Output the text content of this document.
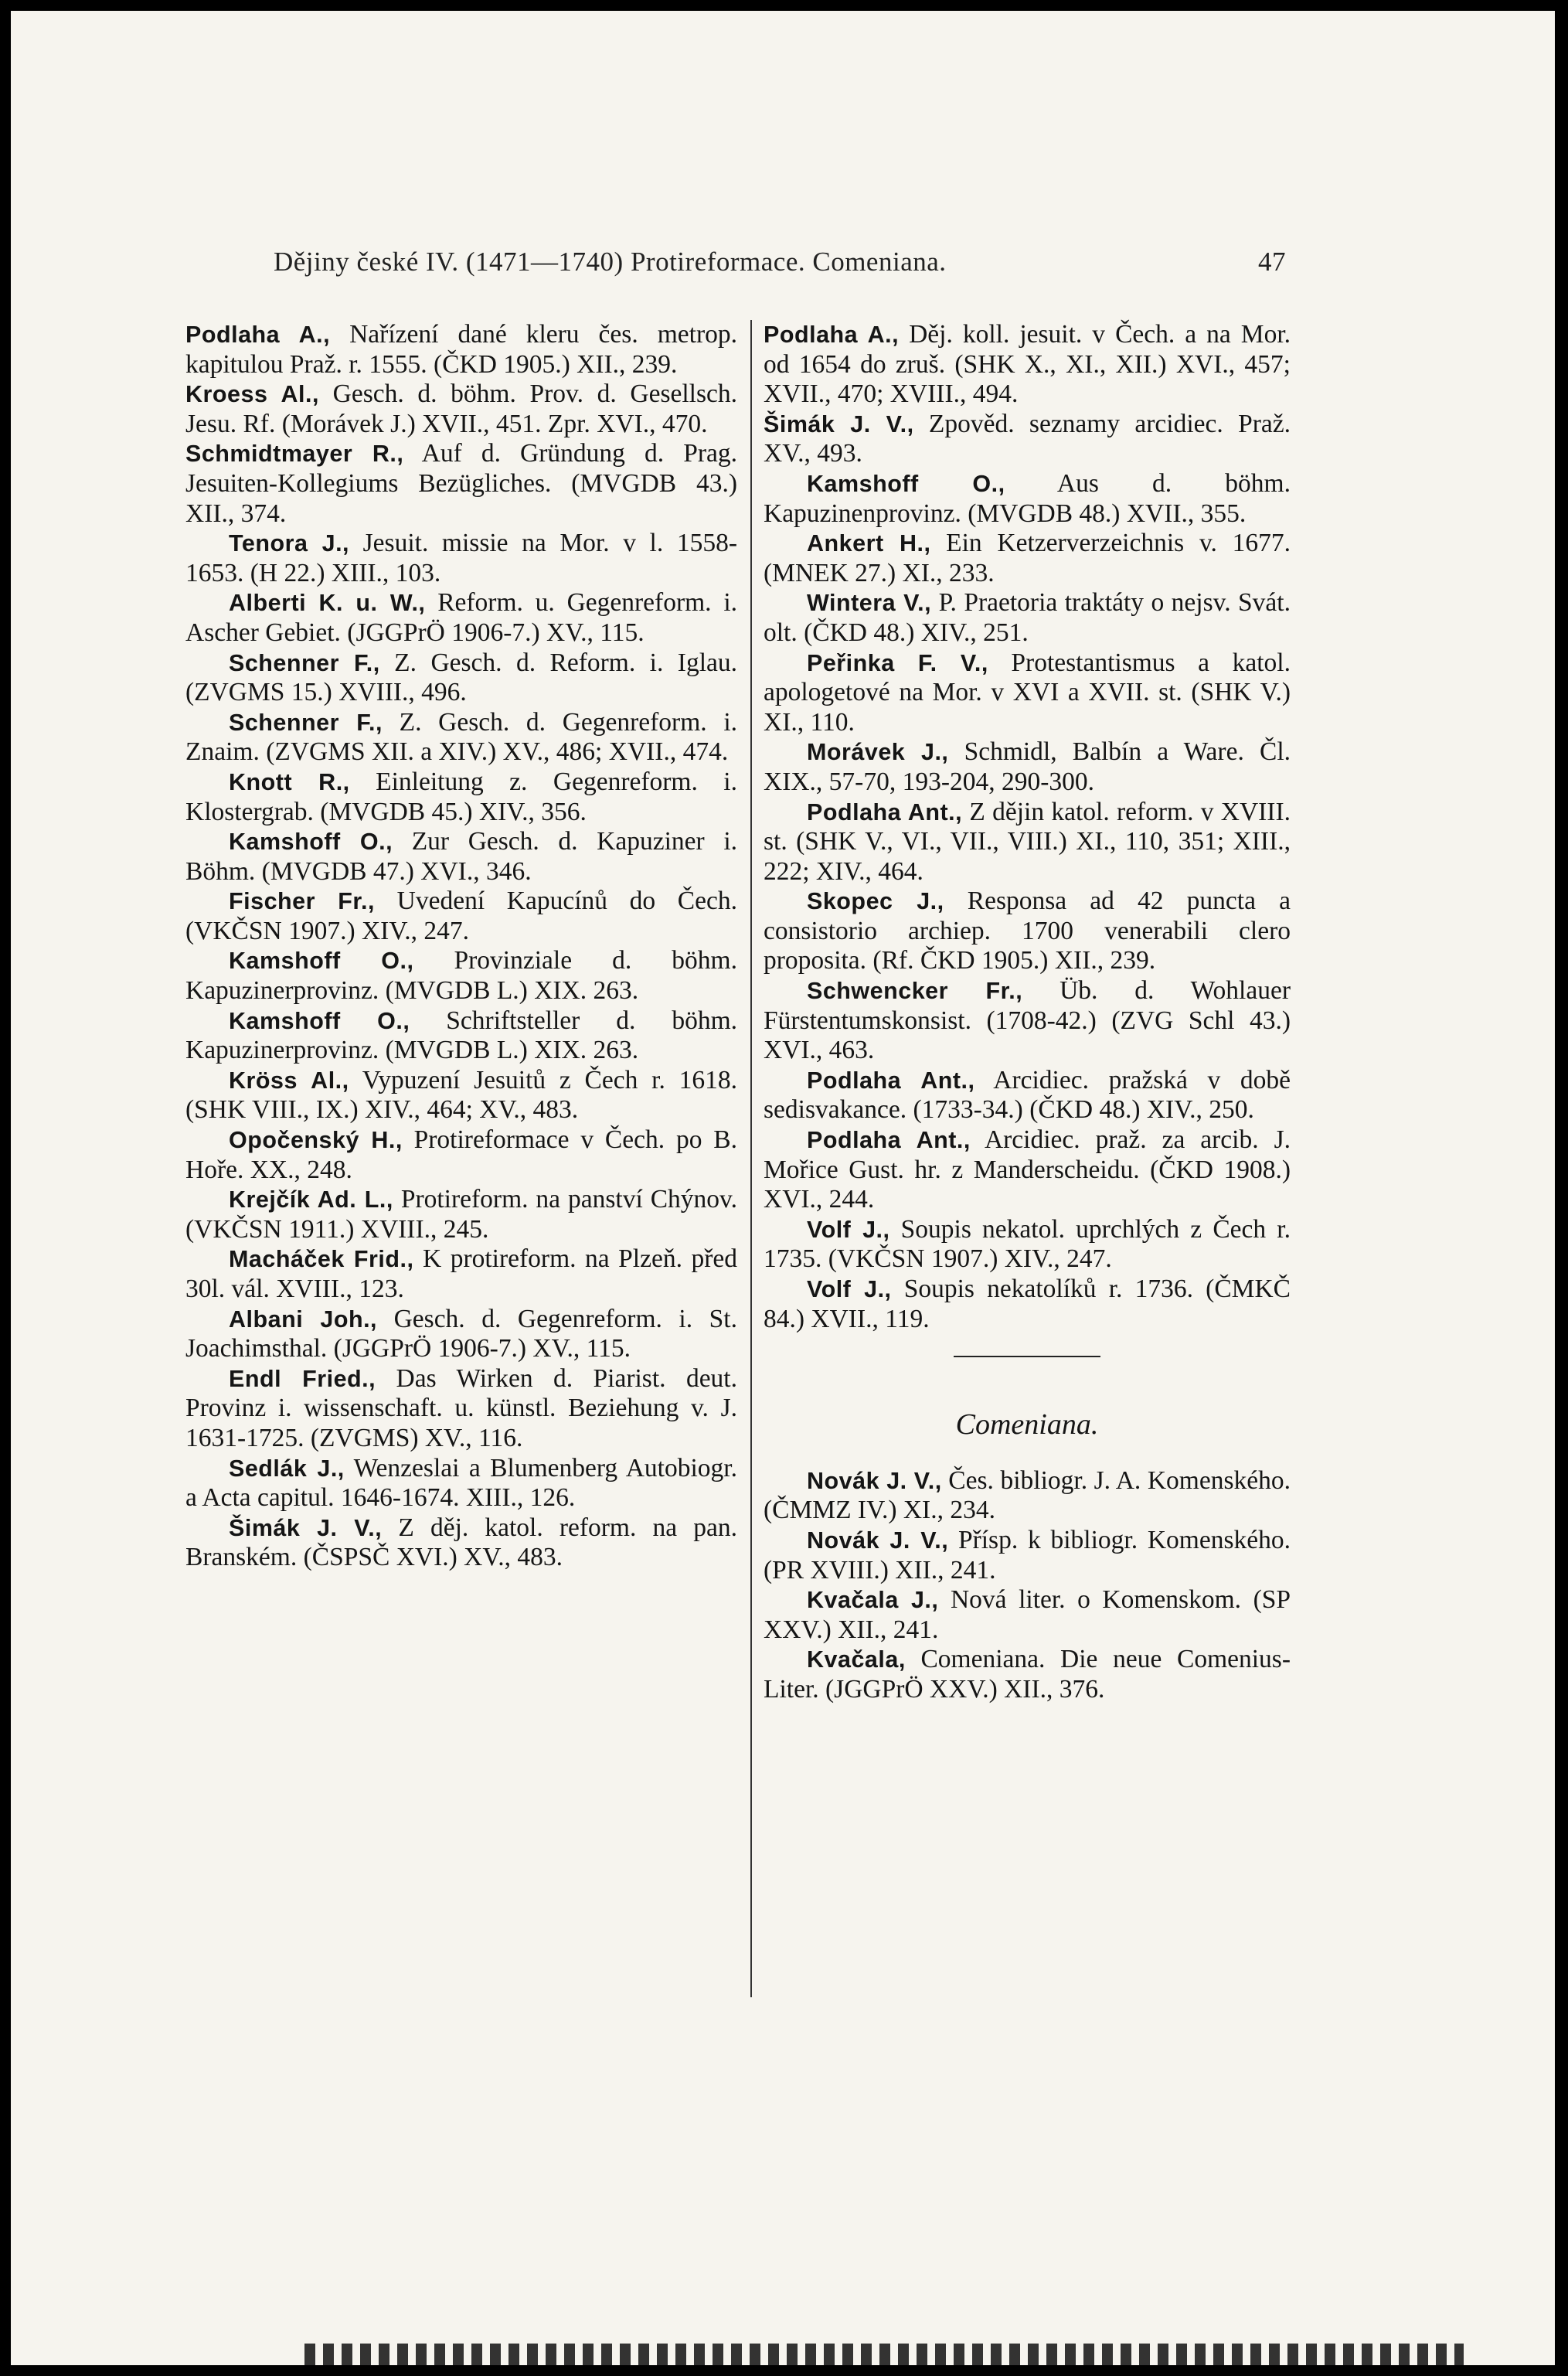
Dějiny české IV. (1471—1740) Protireformace. Comeniana.	47

Podlaha A., Nařízení dané kleru čes. metrop. kapitulou Praž. r. 1555. (ČKD 1905.) XII., 239.

Kroess Al., Gesch. d. böhm. Prov. d. Gesellsch. Jesu. Rf. (Morávek J.) XVII., 451. Zpr. XVI., 470.

Schmidtmayer R., Auf d. Gründung d. Prag. Jesuiten-Kollegiums Bezügliches. (MVGDB 43.) XII., 374.

Tenora J., Jesuit. missie na Mor. v l. 1558-1653. (H 22.) XIII., 103.

Alberti K. u. W., Reform. u. Gegenreform. i. Ascher Gebiet. (JGGPrÖ 1906-7.) XV., 115.

Schenner F., Z. Gesch. d. Reform. i. Iglau. (ZVGMS 15.) XVIII., 496.

Schenner F., Z. Gesch. d. Gegenreform. i. Znaim. (ZVGMS XII. a XIV.) XV., 486; XVII., 474.

Knott R., Einleitung z. Gegenreform. i. Klostergrab. (MVGDB 45.) XIV., 356.

Kamshoff O., Zur Gesch. d. Kapuziner i. Böhm. (MVGDB 47.) XVI., 346.

Fischer Fr., Uvedení Kapucínů do Čech. (VKČSN 1907.) XIV., 247.

Kamshoff O., Provinziale d. böhm. Kapuzinerprovinz. (MVGDB L.) XIX. 263.

Kamshoff O., Schriftsteller d. böhm. Kapuzinerprovinz. (MVGDB L.) XIX. 263.

Kröss Al., Vypuzení Jesuitů z Čech r. 1618. (SHK VIII., IX.) XIV., 464; XV., 483.

Opočenský H., Protireformace v Čech. po B. Hoře. XX., 248.

Krejčík Ad. L., Protireform. na panství Chýnov. (VKČSN 1911.) XVIII., 245.

Macháček Frid., K protireform. na Plzeň. před 30l. vál. XVIII., 123.

Albani Joh., Gesch. d. Gegenreform. i. St. Joachimsthal. (JGGPrÖ 1906-7.) XV., 115.

Endl Fried., Das Wirken d. Piarist. deut. Provinz i. wissenschaft. u. künstl. Beziehung v. J. 1631-1725. (ZVGMS) XV., 116.

Sedlák J., Wenzeslai a Blumenberg Autobiogr. a Acta capitul. 1646-1674. XIII., 126.

Šimák J. V., Z děj. katol. reform. na pan. Branském. (ČSPSČ XVI.) XV., 483.

Podlaha A., Děj. koll. jesuit. v Čech. a na Mor. od 1654 do zruš. (SHK X., XI., XII.) XVI., 457; XVII., 470; XVIII., 494.

Šimák J. V., Zpověd. seznamy arcidiec. Praž. XV., 493.

Kamshoff O., Aus d. böhm. Kapuzinenprovinz. (MVGDB 48.) XVII., 355.

Ankert H., Ein Ketzerverzeichnis v. 1677. (MNEK 27.) XI., 233.

Wintera V., P. Praetoria traktáty o nejsv. Svát. olt. (ČKD 48.) XIV., 251.

Peřinka F. V., Protestantismus a katol. apologetové na Mor. v XVI a XVII. st. (SHK V.) XI., 110.

Morávek J., Schmidl, Balbín a Ware. Čl. XIX., 57-70, 193-204, 290-300.

Podlaha Ant., Z dějin katol. reform. v XVIII. st. (SHK V., VI., VII., VIII.) XI., 110, 351; XIII., 222; XIV., 464.

Skopec J., Responsa ad 42 puncta a consistorio archiep. 1700 venerabili clero proposita. (Rf. ČKD 1905.) XII., 239.

Schwencker Fr., Üb. d. Wohlauer Fürstentumskonsist. (1708-42.) (ZVG Schl 43.) XVI., 463.

Podlaha Ant., Arcidiec. pražská v době sedisvakance. (1733-34.) (ČKD 48.) XIV., 250.

Podlaha Ant., Arcidiec. praž. za arcib. J. Mořice Gust. hr. z Manderscheidu. (ČKD 1908.) XVI., 244.

Volf J., Soupis nekatol. uprchlých z Čech r. 1735. (VKČSN 1907.) XIV., 247.

Volf J., Soupis nekatolíků r. 1736. (ČMKČ 84.) XVII., 119.

Comeniana.

Novák J. V., Čes. bibliogr. J. A. Komenského. (ČMMZ IV.) XI., 234.

Novák J. V., Přísp. k bibliogr. Komenského. (PR XVIII.) XII., 241.

Kvačala J., Nová liter. o Komenskom. (SP XXV.) XII., 241.

Kvačala, Comeniana. Die neue Comenius-Liter. (JGGPrÖ XXV.) XII., 376.
